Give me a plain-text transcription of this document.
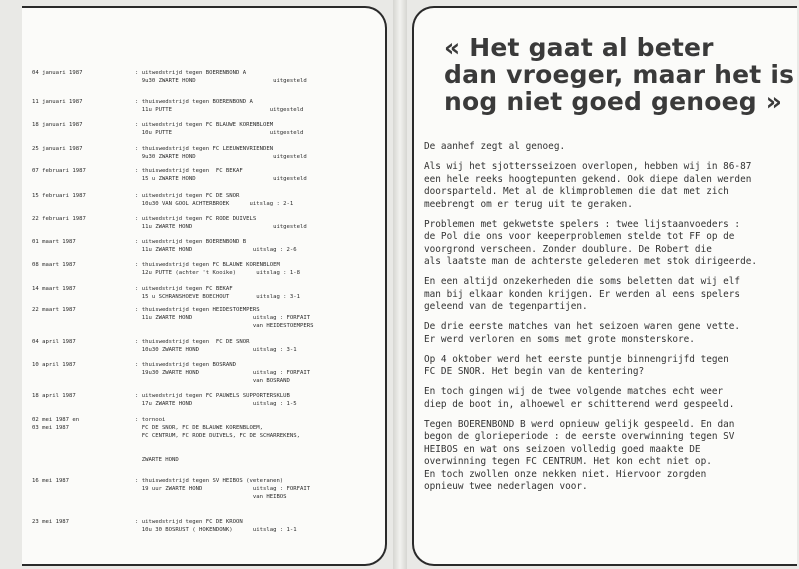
04 januari 1987	: uitwedstrijd tegen BOERENBOND A
9u30 ZWARTE HOND                       uitgesteld
11 januari 1987	: thuiswedstrijd tegen BOERENBOND A
11u PUTTE                             uitgesteld
18 januari 1987	: uitwedstrijd tegen FC BLAUWE KORENBLOEM
10u PUTTE                             uitgesteld
25 januari 1987	: thuiswedstrijd tegen FC LEEUWENVRIENDEN
9u30 ZWARTE HOND                       uitgesteld
07 februari 1987	: thuiswedstrijd tegen  FC BEKAF
15 u ZWARTE HOND                       uitgesteld
15 februari 1987	: uitwedstrijd tegen FC DE SNOR
10u30 VAN GOOL ACHTERBROEK      uitslag : 2-1
22 februari 1987	: uitwedstrijd tegen FC RODE DUIVELS
11u ZWARTE HOND                        uitgesteld
01 maart 1987	: uitwedstrijd tegen BOERENBOND B
11u ZWARTE HOND                  uitslag : 2-6
08 maart 1987	: thuiswedstrijd tegen FC BLAUWE KORENBLOEM
12u PUTTE (achter 't Kooike)      uitslag : 1-8
14 maart 1987	: uitwedstrijd tegen FC BEKAF
15 u SCHRANSHOEVE BOECHOUT        uitslag : 3-1
22 maart 1987	: thuiswedstrijd tegen HEIDESTOEMPERS
11u ZWARTE HOND                  uitslag : FORFAIT
van HEIDESTOEMPERS
04 april 1987	: thuiswedstrijd tegen  FC DE SNOR
10u30 ZWARTE HOND                uitslag : 3-1
10 april 1987	: thuiswedstrijd tegen BOSRAND
19u30 ZWARTE HOND                uitslag : FORFAIT
van BOSRAND
18 april 1987	: uitwedstrijd tegen FC PAUWELS SUPPORTERSKLUB
17u ZWARTE HOND                  uitslag : 1-5
02 mei 1987 en
03 mei 1987
: tornooi
FC DE SNOR, FC DE BLAUWE KORENBLOEM,
FC CENTRUM, FC RODE DUIVELS, FC DE SCHARREKENS,
ZWARTE HOND
16 mei 1987	: thuiswedstrijd tegen SV HEIBOS (veteranen)
19 uur ZWARTE HOND               uitslag : FORFAIT
van HEIBOS
23 mei 1987	: uitwedstrijd tegen FC DE KROON
10u 30 BOSRUST ( HOKENDONK)      uitslag : 1-1
« Het gaat al beter
dan vroeger, maar het is
nog niet goed genoeg »
De aanhef zegt al genoeg.
Als wij het sjottersseizoen overlopen, hebben wij in 86-87
een hele reeks hoogtepunten gekend. Ook diepe dalen werden
doorsparteld. Met al de klimproblemen die dat met zich
meebrengt om er terug uit te geraken.
Problemen met gekwetste spelers : twee lijstaanvoeders :
de Pol die ons voor keeperproblemen stelde tot FF op de
voorgrond verscheen. Zonder doublure. De Robert die
als laatste man de achterste gelederen met stok dirigeerde.
En een altijd onzekerheden die soms beletten dat wij elf
man bij elkaar konden krijgen. Er werden al eens spelers
geleend van de tegenpartijen.
De drie eerste matches van het seizoen waren gene vette.
Er werd verloren en soms met grote monsterskore.
Op 4 oktober werd het eerste puntje binnengrijfd tegen
FC DE SNOR. Het begin van de kentering?
En toch gingen wij de twee volgende matches echt weer
diep de boot in, alhoewel er schitterend werd gespeeld.
Tegen BOERENBOND B werd opnieuw gelijk gespeeld. En dan
begon de glorieperiode : de eerste overwinning tegen SV
HEIBOS en wat ons seizoen volledig goed maakte DE
overwinning tegen FC CENTRUM. Het kon echt niet op.
En toch zwollen onze nekken niet. Hiervoor zorgden
opnieuw twee nederlagen voor.
